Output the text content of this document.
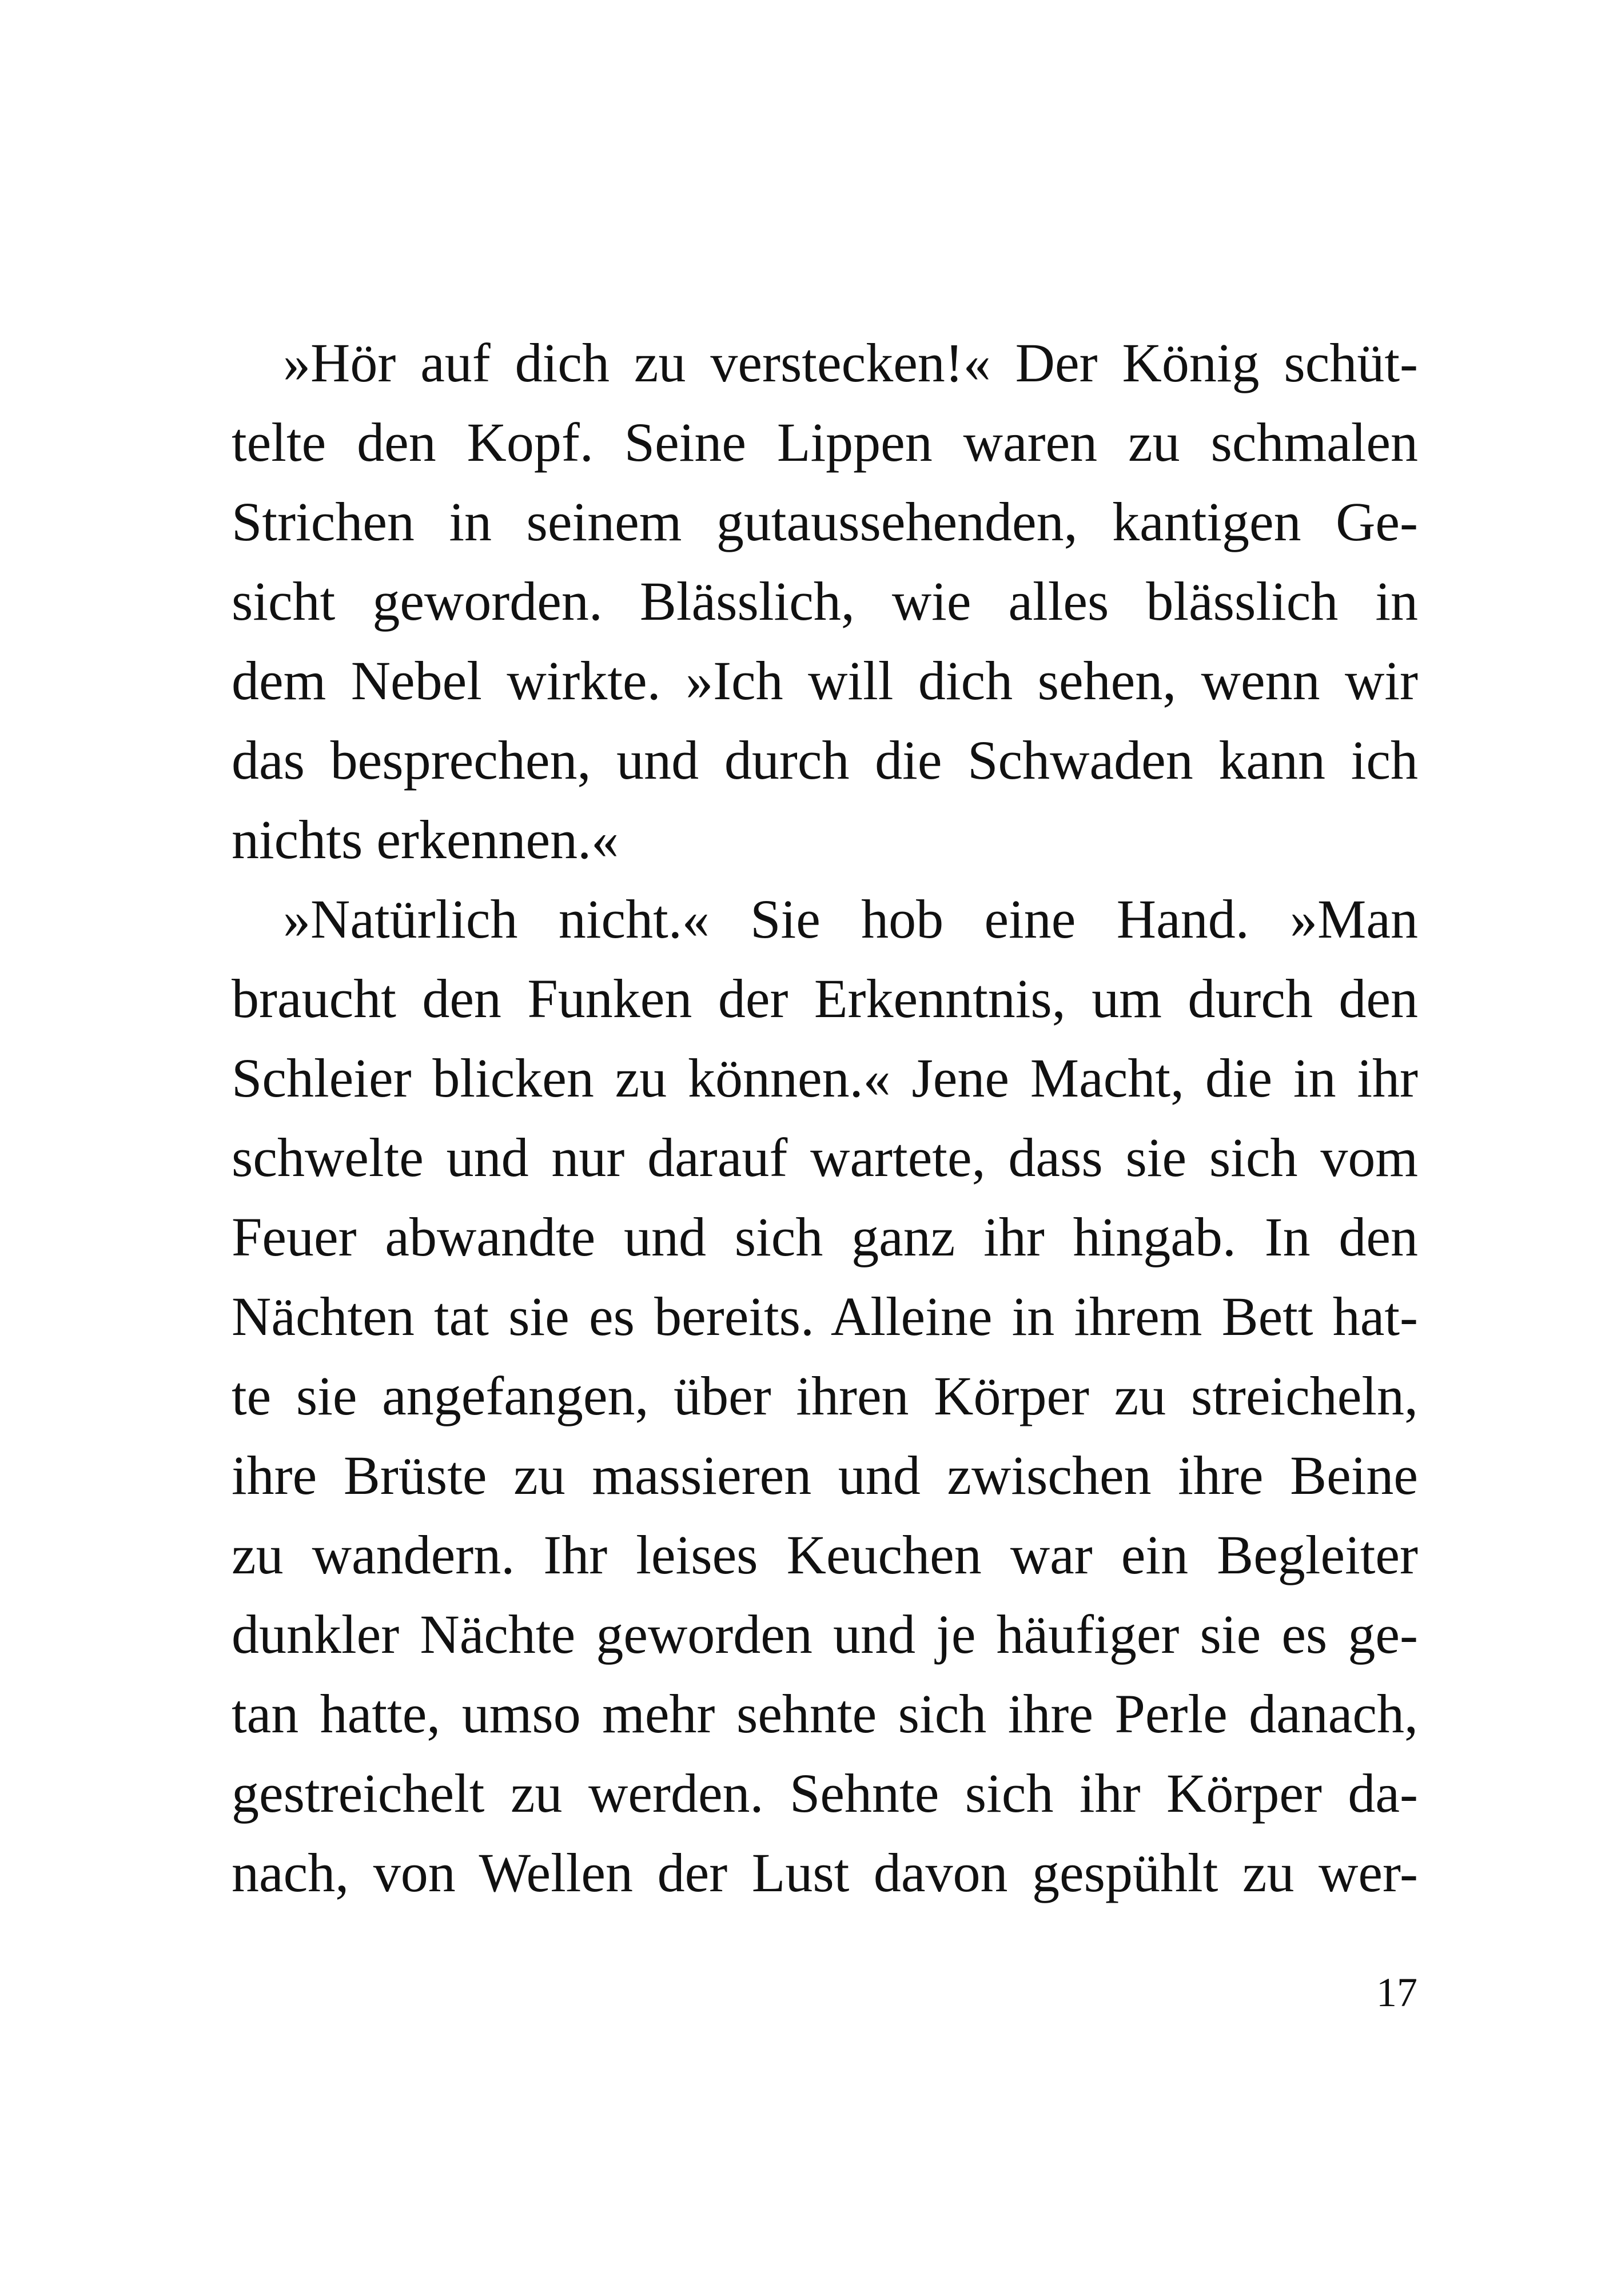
»Hör auf dich zu verstecken!« Der König schüt-
telte den Kopf. Seine Lippen waren zu schmalen
Strichen in seinem gutaussehenden, kantigen Ge-
sicht geworden. Blässlich, wie alles blässlich in
dem Nebel wirkte. »Ich will dich sehen, wenn wir
das besprechen, und durch die Schwaden kann ich
nichts erkennen.«
»Natürlich nicht.« Sie hob eine Hand. »Man
braucht den Funken der Erkenntnis, um durch den
Schleier blicken zu können.« Jene Macht, die in ihr
schwelte und nur darauf wartete, dass sie sich vom
Feuer abwandte und sich ganz ihr hingab. In den
Nächten tat sie es bereits. Alleine in ihrem Bett hat-
te sie angefangen, über ihren Körper zu streicheln,
ihre Brüste zu massieren und zwischen ihre Beine
zu wandern. Ihr leises Keuchen war ein Begleiter
dunkler Nächte geworden und je häufiger sie es ge-
tan hatte, umso mehr sehnte sich ihre Perle danach,
gestreichelt zu werden. Sehnte sich ihr Körper da-
nach, von Wellen der Lust davon gespühlt zu wer-
17
